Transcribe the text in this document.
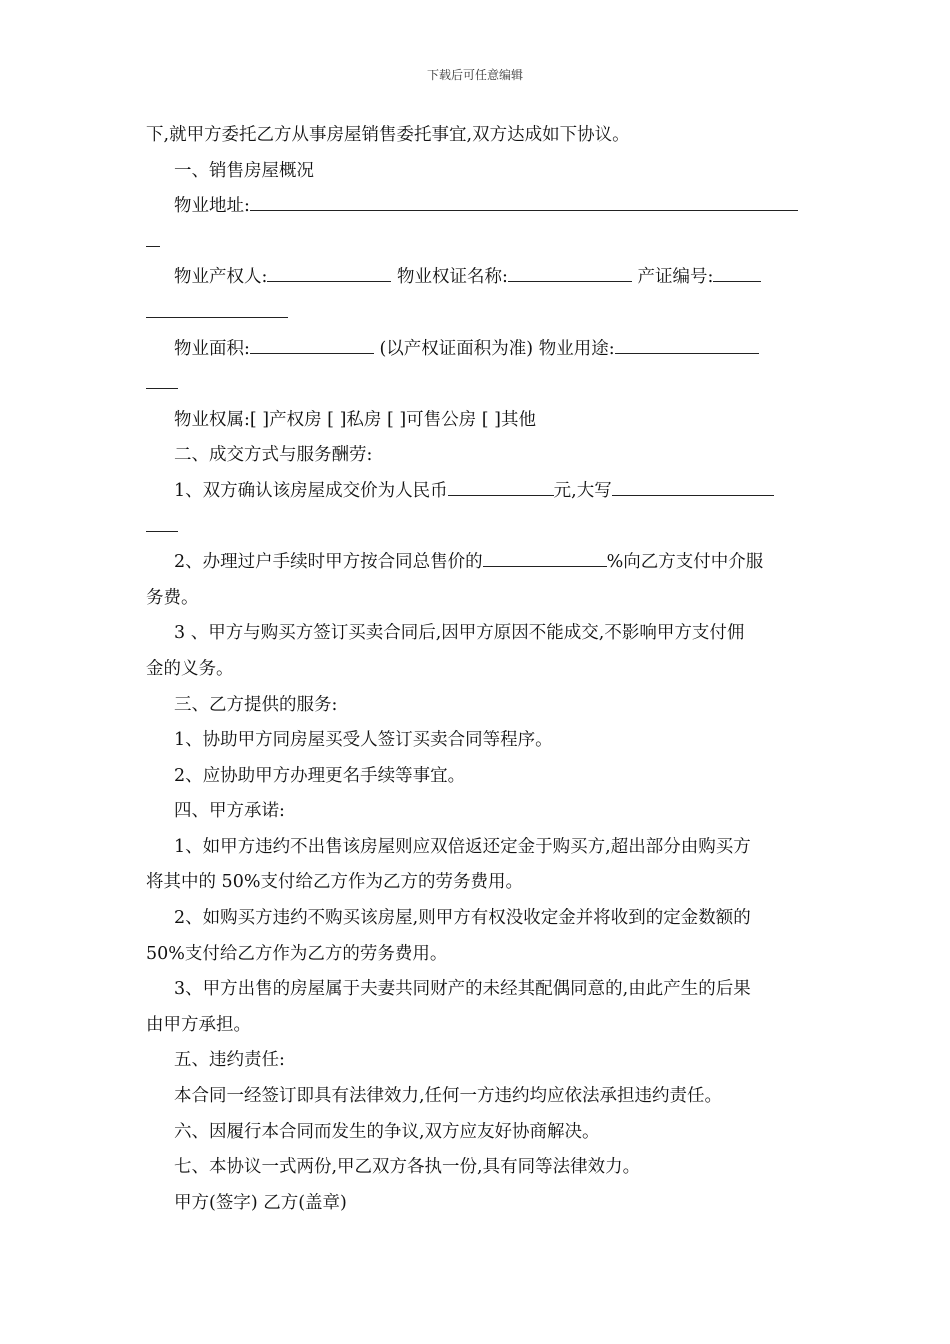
下载后可任意编辑
下,就甲方委托乙方从事房屋销售委托事宜,双方达成如下协议。
一、销售房屋概况
物业地址:
物业产权人:	物业权证名称:	产证编号:
物业面积:	(以产权证面积为准) 物业用途:
物业权属:[ ]产权房 [ ]私房 [ ]可售公房 [ ]其他
二、成交方式与服务酬劳:
1、双方确认该房屋成交价为人民币	元,大写
2、办理过户手续时甲方按合同总售价的	%向乙方支付中介服
务费。
3 、甲方与购买方签订买卖合同后,因甲方原因不能成交,不影响甲方支付佣
金的义务。
三、乙方提供的服务:
1、协助甲方同房屋买受人签订买卖合同等程序。
2、应协助甲方办理更名手续等事宜。
四、甲方承诺:
1、如甲方违约不出售该房屋则应双倍返还定金于购买方,超出部分由购买方
将其中的 50%支付给乙方作为乙方的劳务费用。
2、如购买方违约不购买该房屋,则甲方有权没收定金并将收到的定金数额的
50%支付给乙方作为乙方的劳务费用。
3、甲方出售的房屋属于夫妻共同财产的未经其配偶同意的,由此产生的后果
由甲方承担。
五、违约责任:
本合同一经签订即具有法律效力,任何一方违约均应依法承担违约责任。
六、因履行本合同而发生的争议,双方应友好协商解决。
七、本协议一式两份,甲乙双方各执一份,具有同等法律效力。
甲方(签字) 乙方(盖章)
